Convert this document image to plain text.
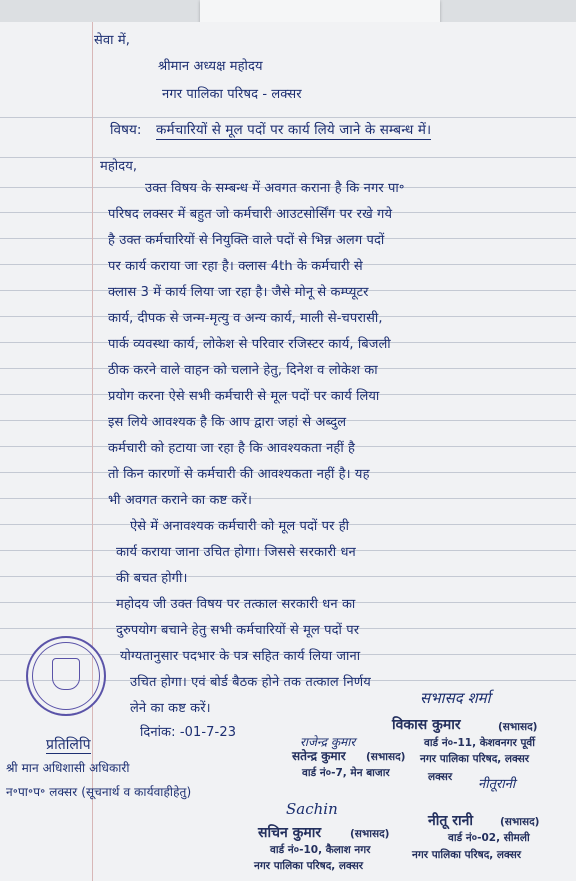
सेवा में,
श्रीमान अध्यक्ष महोदय
नगर पालिका परिषद - लक्सर
विषय: कर्मचारियों से मूल पदों पर कार्य लिये जाने के सम्बन्ध में।
महोदय,
उक्त विषय के सम्बन्ध में अवगत कराना है कि नगर पा॰
परिषद लक्सर में बहुत जो कर्मचारी आउटसोर्सिंग पर रखे गये
है उक्त कर्मचारियों से नियुक्ति वाले पदों से भिन्न अलग पदों
पर कार्य कराया जा रहा है। क्लास 4th के कर्मचारी से
क्लास 3 में कार्य लिया जा रहा है। जैसे मोनू से कम्प्यूटर
कार्य, दीपक से जन्म-मृत्यु व अन्य कार्य, माली से-चपरासी,
पार्क व्यवस्था कार्य, लोकेश से परिवार रजिस्टर कार्य, बिजली
ठीक करने वाले वाहन को चलाने हेतु, दिनेश व लोकेश का
प्रयोग करना ऐसे सभी कर्मचारी से मूल पदों पर कार्य लिया
इस लिये आवश्यक है कि आप द्वारा जहां से अब्दुल
कर्मचारी को हटाया जा रहा है कि आवश्यकता नहीं है
तो किन कारणों से कर्मचारी की आवश्यकता नहीं है। यह
भी अवगत कराने का कष्ट करें।
ऐसे में अनावश्यक कर्मचारी को मूल पदों पर ही
कार्य कराया जाना उचित होगा। जिससे सरकारी धन
की बचत होगी।
महोदय जी उक्त विषय पर तत्काल सरकारी धन का
दुरुपयोग बचाने हेतु सभी कर्मचारियों से मूल पदों पर
योग्यतानुसार पदभार के पत्र सहित कार्य लिया जाना
उचित होगा। एवं बोर्ड बैठक होने तक तत्काल निर्णय
लेने का कष्ट करें।
दिनांक: -01-7-23
प्रतिलिपि
श्री मान अधिशासी अधिकारी
न॰पा॰प॰ लक्सर (सूचनार्थ व कार्यवाहीहेतु)
सभासद शर्मा
विकास कुमार	(सभासद)
वार्ड नं०-11, केशवनगर पूर्वी
नगर पालिका परिषद, लक्सर
राजेन्द्र कुमार
सतेन्द्र कुमार (सभासद)
वार्ड नं०-7, मेन बाजार	लक्सर
Sachin
सचिन कुमार	(सभासद)
वार्ड नं०-10, कैलाश नगर
नगर पालिका परिषद, लक्सर
नीतूरानी
नीतू रानी	(सभासद)
वार्ड नं०-02, सीमली
नगर पालिका परिषद, लक्सर
